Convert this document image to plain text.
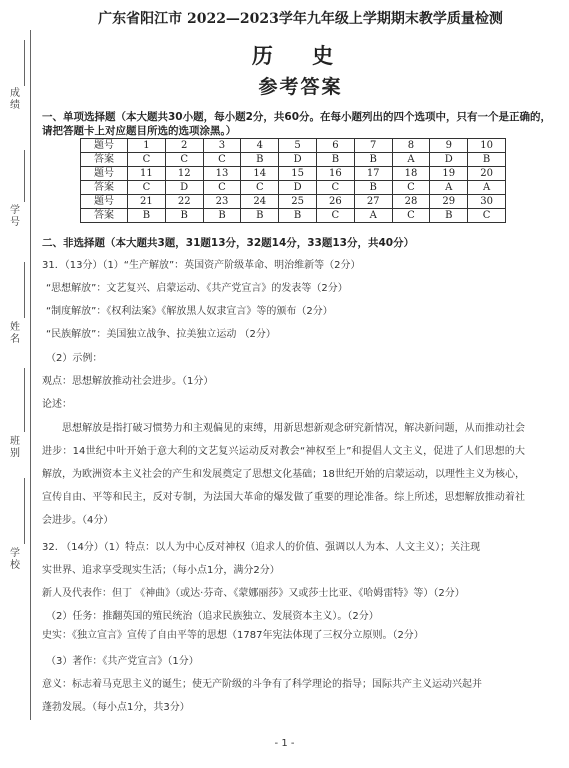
成绩
学号
姓名
班别
学校
广东省阳江市 2022—2023学年九年级上学期期末教学质量检测
历 史
参考答案
一、单项选择题（本大题共30小题，每小题2分，共60分。在每小题列出的四个选项中，只有一个是正确的，请把答题卡上对应题目所选的选项涂黑。）
题号	1	2	3	4	5	6	7	8	9	10
答案	C	C	C	B	D	B	B	A	D	B
题号	11	12	13	14	15	16	17	18	19	20
答案	C	D	C	C	D	C	B	C	A	A
题号	21	22	23	24	25	26	27	28	29	30
答案	B	B	B	B	B	C	A	C	B	C
二、非选择题（本大题共3题，31题13分，32题14分，33题13分，共40分）
31．（13分）（1）“生产解放”：英国资产阶级革命、明治维新等（2分）
“思想解放”：文艺复兴、启蒙运动、《共产党宣言》的发表等（2分）
“制度解放”：《权利法案》《解放黑人奴隶宣言》等的颁布（2分）
“民族解放”：美国独立战争、拉美独立运动 （2分）
（2）示例：
观点：思想解放推动社会进步。（1分）
论述：
思想解放是指打破习惯势力和主观偏见的束缚，用新思想新观念研究新情况，解决新问题，从而推动社会进步：14世纪中叶开始于意大利的文艺复兴运动反对教会“神权至上”和提倡人文主义，促进了人们思想的大解放，为欧洲资本主义社会的产生和发展奠定了思想文化基础；18世纪开始的启蒙运动，以理性主义为核心，宣传自由、平等和民主，反对专制，为法国大革命的爆发做了重要的理论准备。综上所述，思想解放推动着社会进步。（4分）
32. （14分）（1）特点：以人为中心反对神权（追求人的价值、强调以人为本、人文主义）；关注现
实世界、追求享受现实生活；（每小点1分，满分2分）
新人及代表作：但丁 《神曲》（或达·芬奇、《蒙娜丽莎》又或莎士比亚、《哈姆雷特》等）（2分）
（2）任务：推翻英国的殖民统治（追求民族独立、发展资本主义）。（2分）
史实：《独立宣言》宣传了自由平等的思想（1787年宪法体现了三权分立原则。（2分）
（3）著作：《共产党宣言》（1分）
意义：标志着马克思主义的诞生；使无产阶级的斗争有了科学理论的指导；国际共产主义运动兴起并
蓬勃发展。（每小点1分，共3分）
- 1 -
